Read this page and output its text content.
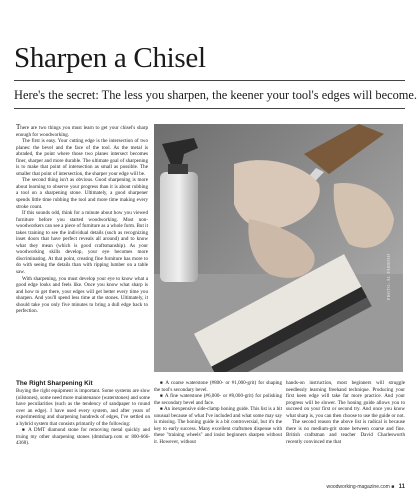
Sharpen a Chisel
Here's the secret: The less you sharpen, the keener your tool's edges will become.

There are two things you must learn to get your chisel's sharp enough for woodworking.

The first is easy. Your cutting edge is the intersection of two planes: the bevel and the face of the tool. As the metal is abraded, the point where those two planes intersect becomes finer, sharper and more durable. The ultimate goal of sharpening is to make that point of intersection as small as possible. The smaller that point of intersection, the sharper your edge will be.

The second thing isn't as obvious. Good sharpening is more about learning to observe your progress than it is about rubbing a tool on a sharpening stone. Ultimately, a good sharpener spends little time rubbing the tool and more time making every stroke count.

If this sounds odd, think for a minute about how you viewed furniture before you started woodworking. Most non-woodworkers can see a piece of furniture as a whole form. But it takes training to see the individual details (such as recognizing inset doors that have perfect reveals all around) and to know what they mean (which is good craftsmanship). As your woodworking skills develop, your eye becomes more discriminating. At that point, creating fine furniture has more to do with seeing the details than with ripping lumber on a table saw.

With sharpening, you must develop your eye to know what a good edge looks and feels like. Once you know what sharp is and how to get there, your edges will get better every time you sharpen. And you'll spend less time at the stones. Ultimately, it should take you only five minutes to bring a dull edge back to perfection.

PHOTO: AL PARRISH
The Right Sharpening Kit

Buying the right equipment is important. Some systems are slow (oilstones), some need more maintenance (waterstones) and some have peculiarities (such as the tendency of sandpaper to round over an edge). I have used every system, and after years of experimenting and sharpening hundreds of edges, I've settled on a hybrid system that consists primarily of the following:

■ A DMT diamond stone for removing metal quickly and truing my other sharpening stones (dmtsharp.com or 800-666-4368).

■ A coarse waterstone (#800- or #1,000-grit) for shaping the tool's secondary bevel.

■ A fine waterstone (#6,000- or #8,000-grit) for polishing the secondary bevel and face.

■ An inexpensive side-clamp honing guide. This list is a bit unusual because of what I've included and what some may say is missing. The honing guide is a bit controversial, but it's the key to early success. Many excellent craftsmen dispense with these "training wheels" and insist beginners sharpen without it. However, without

hands-on instruction, most beginners will struggle needlessly learning freehand technique. Producing your first keen edge will take far more practice. And your progress will be slower. The honing guide allows you to succeed on your first or second try. And once you know what sharp is, you can then choose to use the guide or not.

The second reason the above list is radical is because there is no medium-grit stone between coarse and fine. British craftsman and teacher David Charlesworth recently convinced me that

woodworking-magazine.com ■ 11
